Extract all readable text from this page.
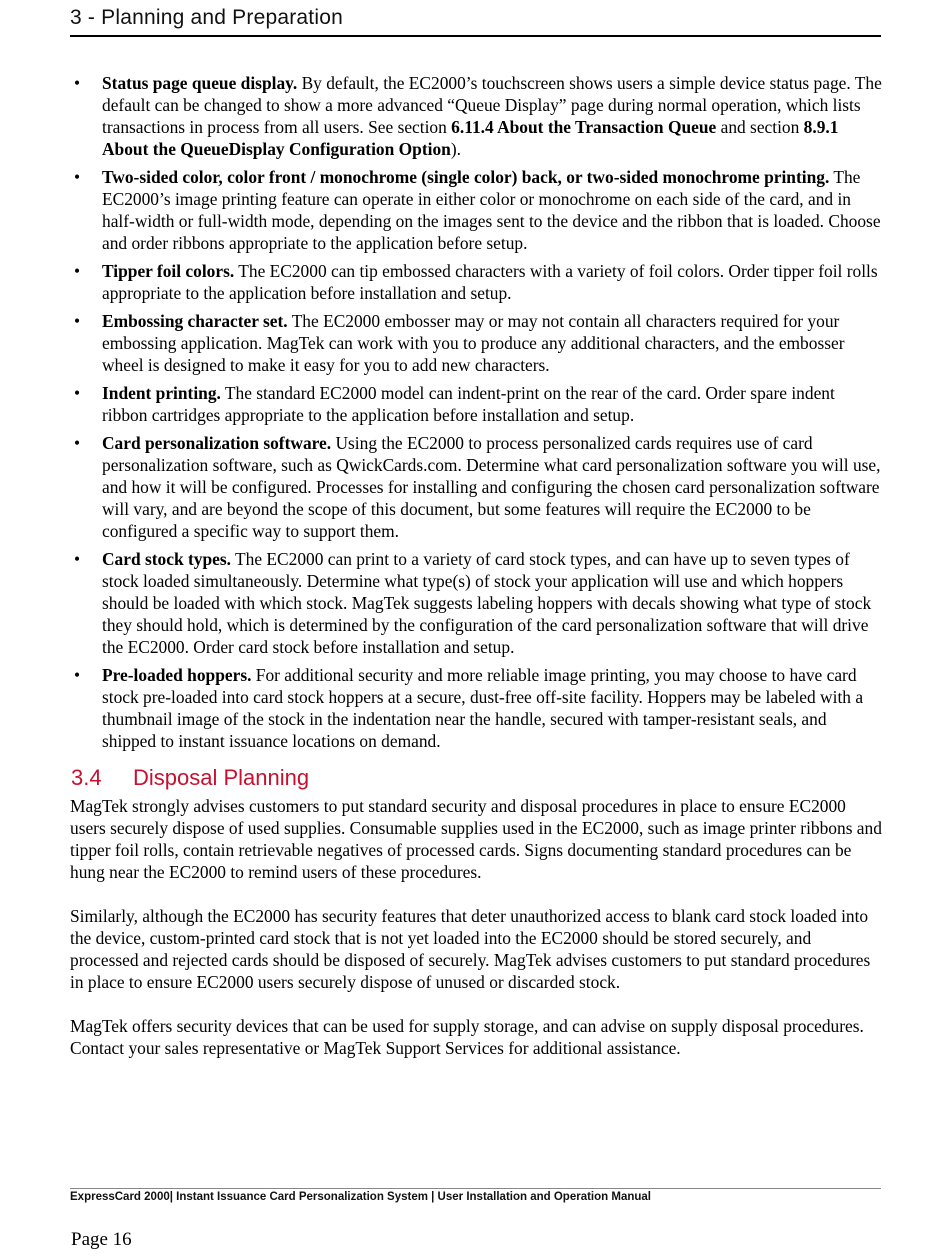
3 - Planning and Preparation
• Status page queue display. By default, the EC2000’s touchscreen shows users a simple device status page. The default can be changed to show a more advanced “Queue Display” page during normal operation, which lists transactions in process from all users. See section 6.11.4 About the Transaction Queue and section 8.9.1 About the QueueDisplay Configuration Option).
• Two-sided color, color front / monochrome (single color) back, or two-sided monochrome printing. The EC2000’s image printing feature can operate in either color or monochrome on each side of the card, and in half-width or full-width mode, depending on the images sent to the device and the ribbon that is loaded. Choose and order ribbons appropriate to the application before setup.
• Tipper foil colors. The EC2000 can tip embossed characters with a variety of foil colors. Order tipper foil rolls appropriate to the application before installation and setup.
• Embossing character set. The EC2000 embosser may or may not contain all characters required for your embossing application. MagTek can work with you to produce any additional characters, and the embosser wheel is designed to make it easy for you to add new characters.
• Indent printing. The standard EC2000 model can indent-print on the rear of the card. Order spare indent ribbon cartridges appropriate to the application before installation and setup.
• Card personalization software. Using the EC2000 to process personalized cards requires use of card personalization software, such as QwickCards.com. Determine what card personalization software you will use, and how it will be configured. Processes for installing and configuring the chosen card personalization software will vary, and are beyond the scope of this document, but some features will require the EC2000 to be configured a specific way to support them.
• Card stock types. The EC2000 can print to a variety of card stock types, and can have up to seven types of stock loaded simultaneously. Determine what type(s) of stock your application will use and which hoppers should be loaded with which stock. MagTek suggests labeling hoppers with decals showing what type of stock they should hold, which is determined by the configuration of the card personalization software that will drive the EC2000. Order card stock before installation and setup.
• Pre-loaded hoppers. For additional security and more reliable image printing, you may choose to have card stock pre-loaded into card stock hoppers at a secure, dust-free off-site facility. Hoppers may be labeled with a thumbnail image of the stock in the indentation near the handle, secured with tamper-resistant seals, and shipped to instant issuance locations on demand.
3.4 Disposal Planning

MagTek strongly advises customers to put standard security and disposal procedures in place to ensure EC2000 users securely dispose of used supplies. Consumable supplies used in the EC2000, such as image printer ribbons and tipper foil rolls, contain retrievable negatives of processed cards. Signs documenting standard procedures can be hung near the EC2000 to remind users of these procedures.

Similarly, although the EC2000 has security features that deter unauthorized access to blank card stock loaded into the device, custom-printed card stock that is not yet loaded into the EC2000 should be stored securely, and processed and rejected cards should be disposed of securely. MagTek advises customers to put standard procedures in place to ensure EC2000 users securely dispose of unused or discarded stock.

MagTek offers security devices that can be used for supply storage, and can advise on supply disposal procedures. Contact your sales representative or MagTek Support Services for additional assistance.

ExpressCard 2000| Instant Issuance Card Personalization System | User Installation and Operation Manual
Page 16
